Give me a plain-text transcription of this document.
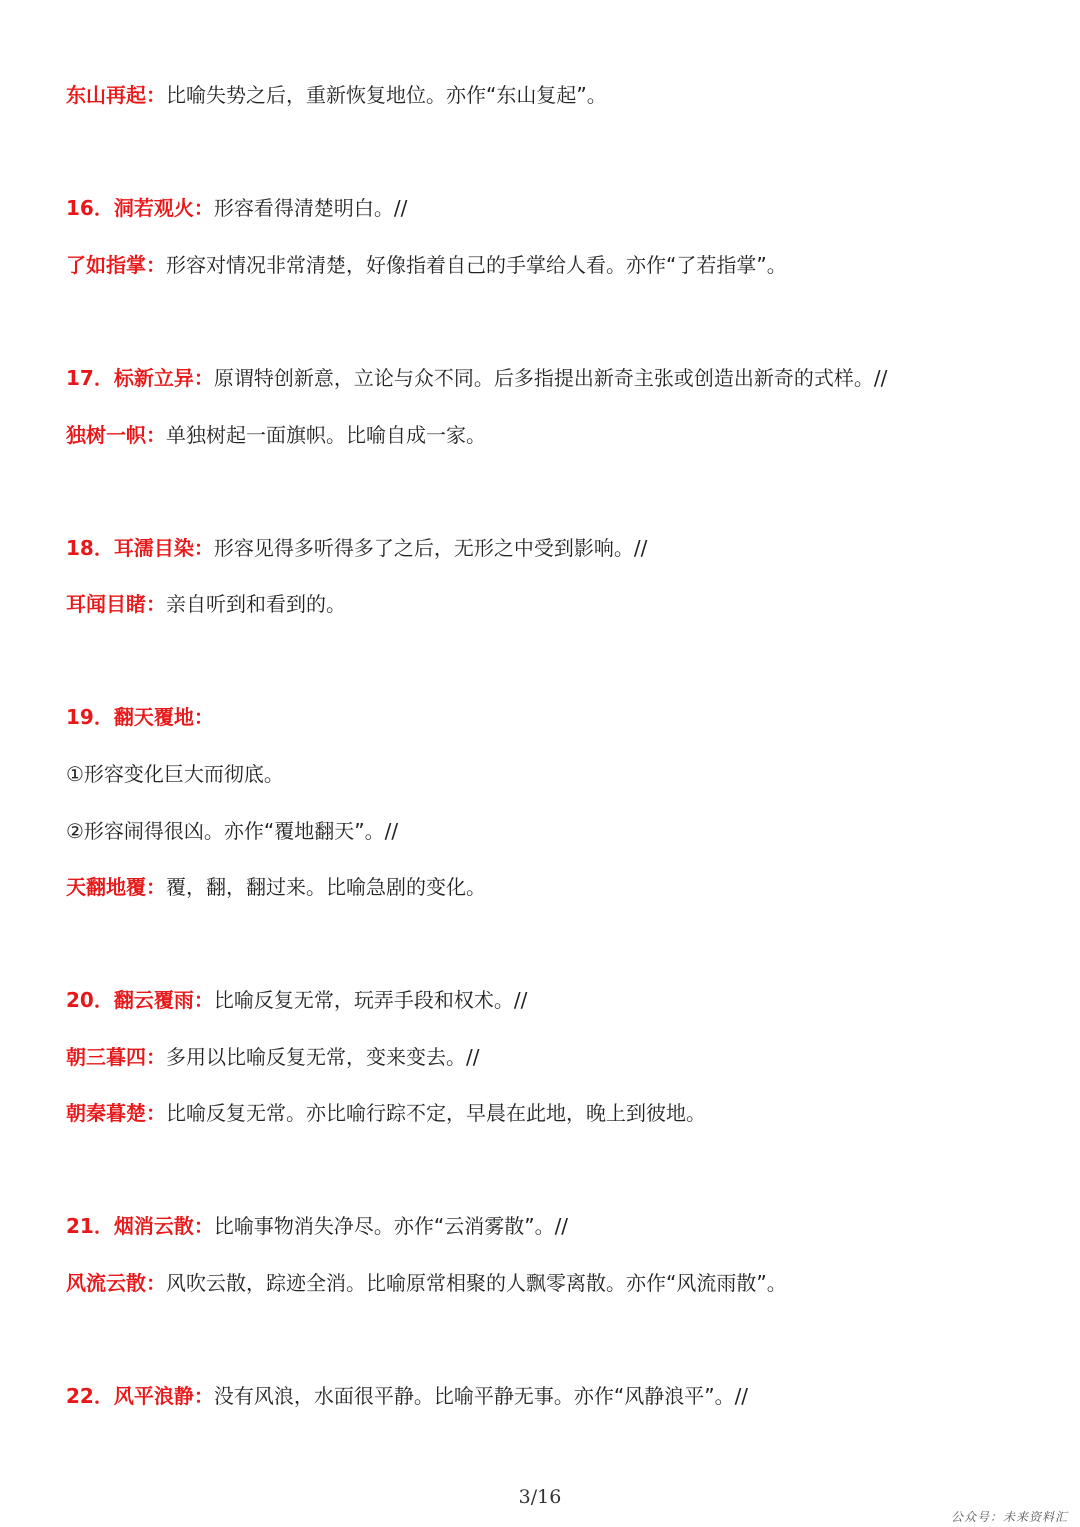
东山再起：比喻失势之后，重新恢复地位。亦作“东山复起”。
16．洞若观火：形容看得清楚明白。//
了如指掌：形容对情况非常清楚，好像指着自己的手掌给人看。亦作“了若指掌”。
17．标新立异：原谓特创新意，立论与众不同。后多指提出新奇主张或创造出新奇的式样。//
独树一帜：单独树起一面旗帜。比喻自成一家。
18．耳濡目染：形容见得多听得多了之后，无形之中受到影响。//
耳闻目睹：亲自听到和看到的。
19．翻天覆地：
①形容变化巨大而彻底。
②形容闹得很凶。亦作“覆地翻天”。//
天翻地覆：覆，翻，翻过来。比喻急剧的变化。
20．翻云覆雨：比喻反复无常，玩弄手段和权术。//
朝三暮四：多用以比喻反复无常，变来变去。//
朝秦暮楚：比喻反复无常。亦比喻行踪不定，早晨在此地，晚上到彼地。
21．烟消云散：比喻事物消失净尽。亦作“云消雾散”。//
风流云散：风吹云散，踪迹全消。比喻原常相聚的人飘零离散。亦作“风流雨散”。
22．风平浪静：没有风浪，水面很平静。比喻平静无事。亦作“风静浪平”。//
3/16
公众号：未来资料汇
